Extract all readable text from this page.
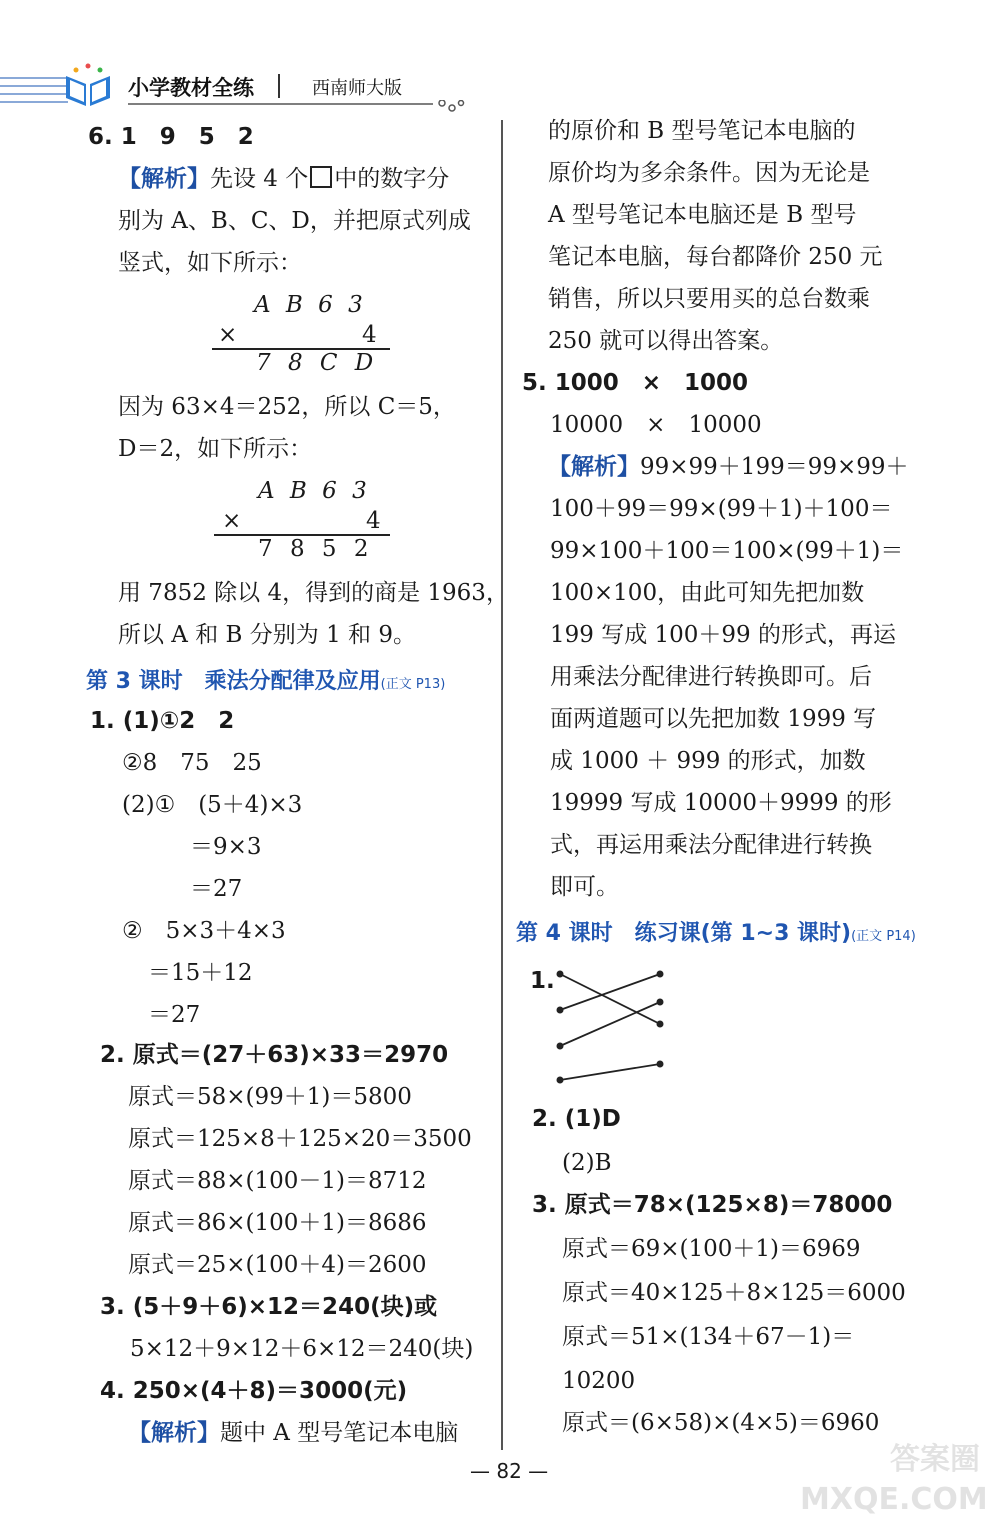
小学教材全练	西南师大版
6. 1　9　5　2
【解析】先设 4 个 中的数字分
别为 A、B、C、D，并把原式列成
竖式，如下所示：
A B 6 3
×	4
7 8 C D
因为 63×4＝252，所以 C＝5，
D＝2，如下所示：
A B 6 3
×	4
7 8 5 2
用 7852 除以 4，得到的商是 1963，
所以 A 和 B 分别为 1 和 9。
第 3 课时　乘法分配律及应用(正文 P13)
1. (1)①2　2
②8　75　25
(2)①　(5＋4)×3
＝9×3
＝27
②　5×3＋4×3
＝15＋12
＝27
2. 原式＝(27＋63)×33＝2970
原式＝58×(99＋1)＝5800
原式＝125×8＋125×20＝3500
原式＝88×(100－1)＝8712
原式＝86×(100＋1)＝8686
原式＝25×(100＋4)＝2600
3. (5＋9＋6)×12＝240(块)或
5×12＋9×12＋6×12＝240(块)
4. 250×(4＋8)＝3000(元)
【解析】题中 A 型号笔记本电脑
的原价和 B 型号笔记本电脑的
原价均为多余条件。因为无论是
A 型号笔记本电脑还是 B 型号
笔记本电脑，每台都降价 250 元
销售，所以只要用买的总台数乘
250 就可以得出答案。
5. 1000　×　1000
10000　×　10000
【解析】99×99＋199＝99×99＋
100＋99＝99×(99＋1)＋100＝
99×100＋100＝100×(99＋1)＝
100×100，由此可知先把加数
199 写成 100＋99 的形式，再运
用乘法分配律进行转换即可。后
面两道题可以先把加数 1999 写
成 1000 ＋ 999 的形式，加数
19999 写成 10000＋9999 的形
式，再运用乘法分配律进行转换
即可。
第 4 课时　练习课(第 1~3 课时)(正文 P14)
1.
2. (1)D
(2)B
3. 原式＝78×(125×8)＝78000
原式＝69×(100＋1)＝6969
原式＝40×125＋8×125＝6000
原式＝51×(134＋67－1)＝
10200
原式＝(6×58)×(4×5)＝6960
— 82 —	答案圈 MXQE.COM
